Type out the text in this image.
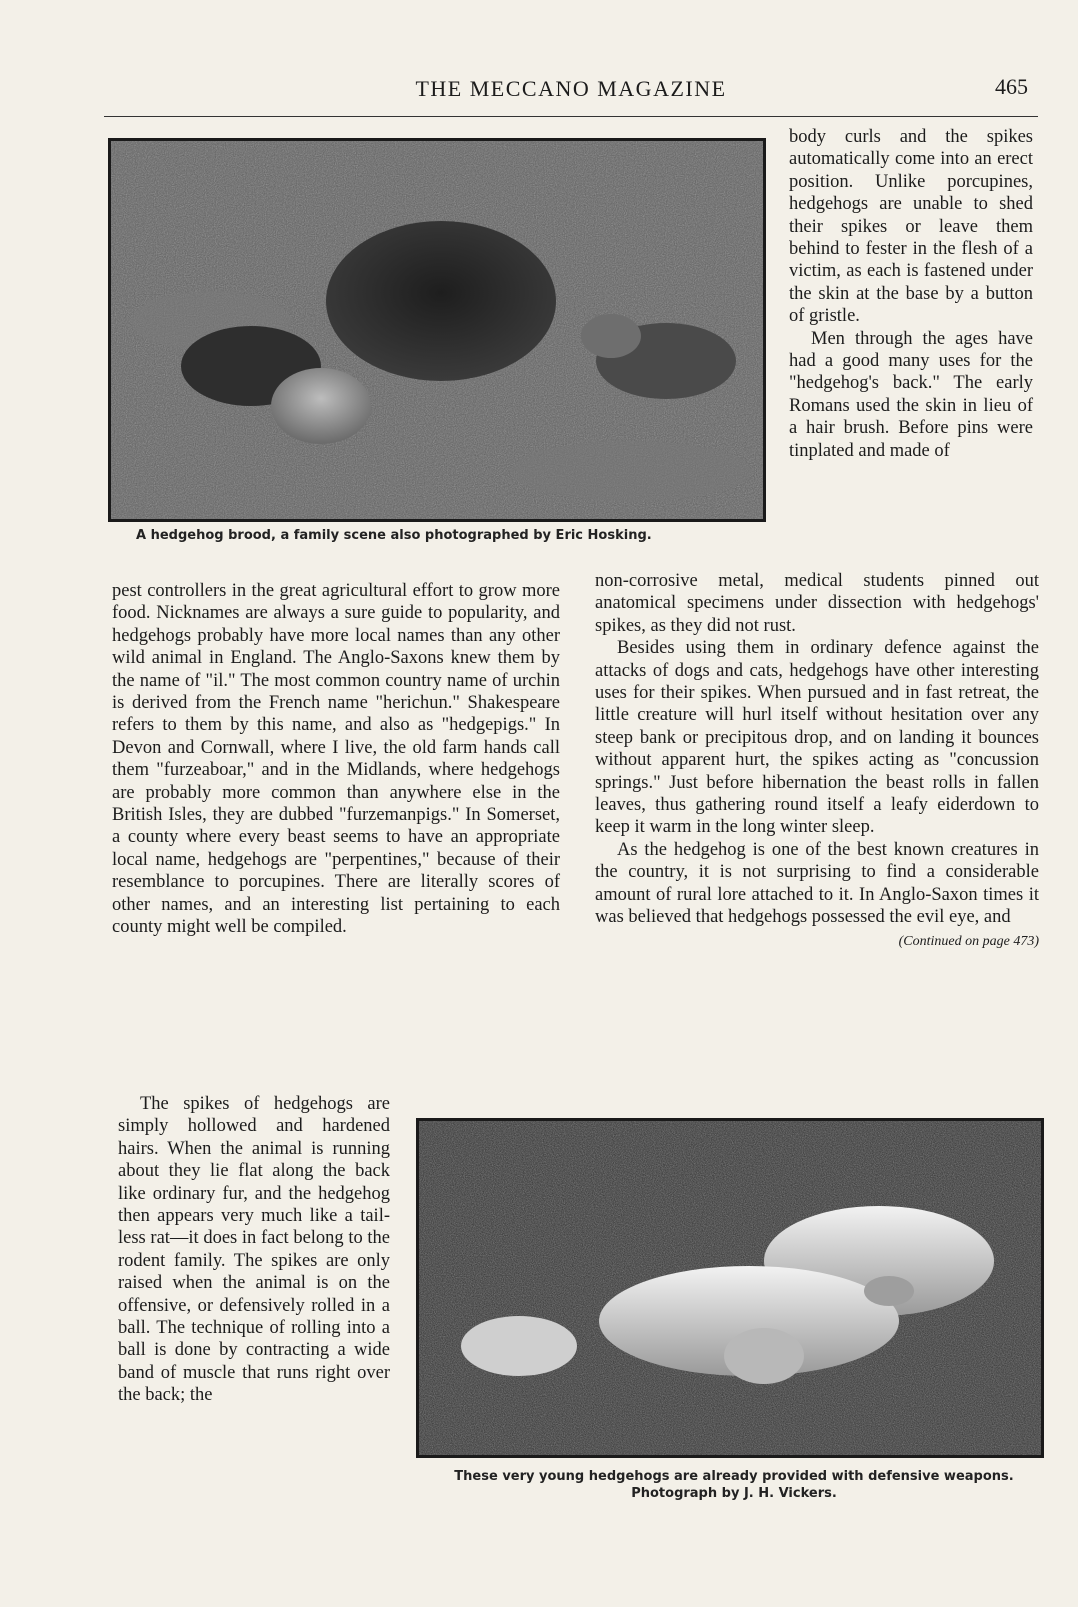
THE MECCANO MAGAZINE	465
A hedgehog brood, a family scene also photographed by Eric Hosking.

body curls and the spikes automatically come into an erect position. Unlike porcupines, hedgehogs are unable to shed their spikes or leave them behind to fester in the flesh of a victim, as each is fastened under the skin at the base by a button of gristle.

Men through the ages have had a good many uses for the "hedgehog's back." The early Romans used the skin in lieu of a hair brush. Before pins were tinplated and made of

non-corrosive metal, medical students pinned out anatomical specimens under dissection with hedgehogs' spikes, as they did not rust.

Besides using them in ordinary defence against the attacks of dogs and cats, hedgehogs have other interesting uses for their spikes. When pursued and in fast retreat, the little creature will hurl itself without hesitation over any steep bank or precipitous drop, and on landing it bounces without apparent hurt, the spikes acting as "concussion springs." Just before hibernation the beast rolls in fallen leaves, thus gathering round itself a leafy eiderdown to keep it warm in the long winter sleep.

As the hedgehog is one of the best known creatures in the country, it is not surprising to find a considerable amount of rural lore attached to it. In Anglo-Saxon times it was believed that hedgehogs possessed the evil eye, and
(Continued on page 473)

pest controllers in the great agricultural effort to grow more food. Nicknames are always a sure guide to popularity, and hedgehogs probably have more local names than any other wild animal in England. The Anglo-Saxons knew them by the name of "il." The most common country name of urchin is derived from the French name "herichun." Shakespeare refers to them by this name, and also as "hedgepigs." In Devon and Cornwall, where I live, the old farm hands call them "furzeaboar," and in the Midlands, where hedgehogs are probably more common than anywhere else in the British Isles, they are dubbed "furzemanpigs." In Somerset, a county where every beast seems to have an appropriate local name, hedgehogs are "perpentines," because of their resemblance to porcupines. There are literally scores of other names, and an interesting list pertaining to each county might well be compiled.

The spikes of hedgehogs are simply hollowed and hardened hairs. When the animal is running about they lie flat along the back like ordinary fur, and the hedgehog then appears very much like a tail-less rat—it does in fact belong to the rodent family. The spikes are only raised when the animal is on the offensive, or defensively rolled in a ball. The technique of rolling into a ball is done by contracting a wide band of muscle that runs right over the back; the

These very young hedgehogs are already provided with defensive weapons.
Photograph by J. H. Vickers.
